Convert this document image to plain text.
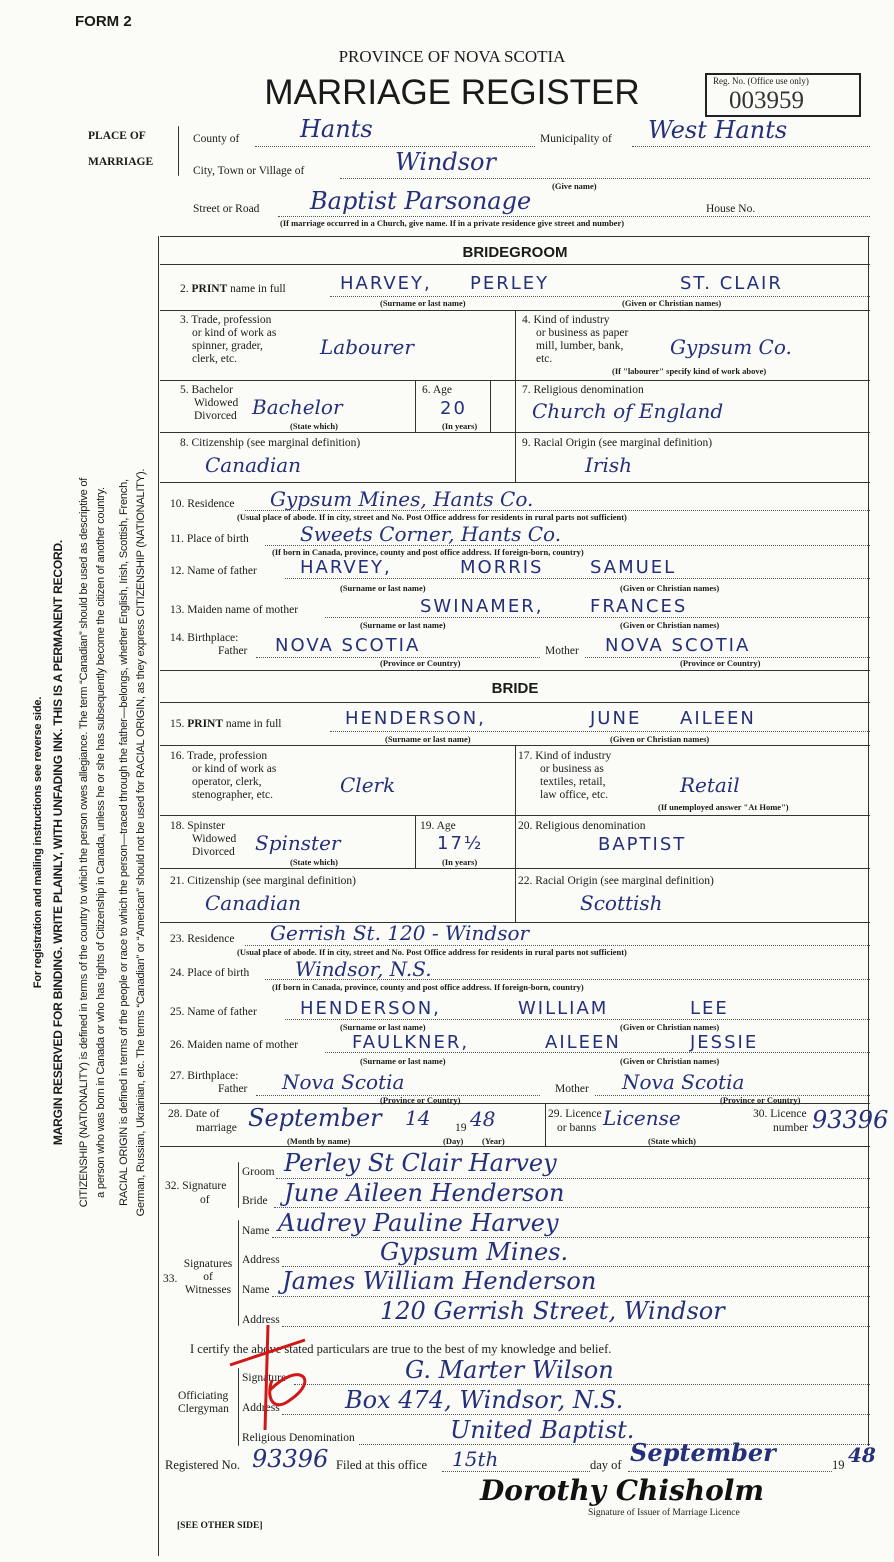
FORM 2
PROVINCE OF NOVA SCOTIA
MARRIAGE REGISTER	Reg. No. (Office use only)
003959
For registration and mailing instructions see reverse side. MARGIN RESERVED FOR BINDING. WRITE PLAINLY, WITH UNFADING INK. THIS IS A PERMANENT RECORD. CITIZENSHIP (NATIONALITY) is defined in terms of the country to which the person owes allegiance. The term “Canadian” should be used as descriptive of a person who was born in Canada or who has rights of Citizenship in Canada, unless he or she has subsequently become the citizen of another country. RACIAL ORIGIN is defined in terms of the people or race to which the person—traced through the father—belongs, whether English, Irish, Scottish, French, German, Russian, Ukrainian, etc. The terms “Canadian” or “American” should not be used for RACIAL ORIGIN, as they express CITIZENSHIP (NATIONALITY).
PLACE OF
MARRIAGE
County of	Hants	Municipality of West Hants
City, Town or Village of	Windsor
(Give name)
Street or Road Baptist Parsonage	House No.
(If marriage occurred in a Church, give name. If in a private residence give street and number)
BRIDEGROOM
2. PRINT name in full	HARVEY, PERLEY	ST. CLAIR
(Surname or last name)	(Given or Christian names)
3. Trade, profession
or kind of work as
spinner, grader,
clerk, etc.	Labourer
4. Kind of industry
or business as paper
mill, lumber, bank,
etc.	Gypsum Co.
(If "labourer" specify kind of work above)
5. Bachelor
Widowed
Divorced Bachelor
(State which)
6. Age
20
(In years)
7. Religious denomination
Church of England
8. Citizenship (see marginal definition)
Canadian
9. Racial Origin (see marginal definition)
Irish
10. Residence Gypsum Mines, Hants Co.
(Usual place of abode. If in city, street and No. Post Office address for residents in rural parts not sufficient)
11. Place of birth	Sweets Corner, Hants Co.
(If born in Canada, province, county and post office address. If foreign-born, country)
12. Name of father HARVEY,	MORRIS	SAMUEL
(Surname or last name)	(Given or Christian names)
13. Maiden name of mother	SWINAMER,	FRANCES
(Surname or last name)	(Given or Christian names)
14. Birthplace:
Father NOVA SCOTIA	Mother NOVA SCOTIA
(Province or Country)	(Province or Country)
BRIDE
15. PRINT name in full	HENDERSON,	JUNE AILEEN
(Surname or last name)	(Given or Christian names)
16. Trade, profession
or kind of work as
operator, clerk,
stenographer, etc.	Clerk
17. Kind of industry
or business as
textiles, retail,
law office, etc.	Retail
(If unemployed answer "At Home")
18. Spinster
Widowed
Divorced Spinster
(State which)
19. Age
17½
(In years)
20. Religious denomination
BAPTIST
21. Citizenship (see marginal definition)
Canadian
22. Racial Origin (see marginal definition)
Scottish
23. Residence Gerrish St. 120 - Windsor
(Usual place of abode. If in city, street and No. Post Office address for residents in rural parts not sufficient)
24. Place of birth Windsor, N.S.
(If born in Canada, province, county and post office address. If foreign-born, country)
25. Name of father HENDERSON,	WILLIAM	LEE
(Surname or last name)	(Given or Christian names)
26. Maiden name of mother	FAULKNER,	AILEEN	JESSIE
(Surname or last name)	(Given or Christian names)
27. Birthplace:
Father Nova Scotia	Mother Nova Scotia
(Province or Country)	(Province or Country)
28. Date of
marriage September 14 19 48
(Month by name)	(Day) (Year)
29. Licence
or banns License
(State which)
30. Licence
number 93396
32. Signature
of
Groom Perley St Clair Harvey
Bride June Aileen Henderson
33.
Signatures
of
Witnesses
Name Audrey Pauline Harvey
Address	Gypsum Mines.
Name James William Henderson
Address	120 Gerrish Street, Windsor
I certify the above stated particulars are true to the best of my knowledge and belief.
Officiating
Clergyman
Signature	G. Marter Wilson
Address	Box 474, Windsor, N.S.
Religious Denomination	United Baptist.
Registered No. 93396 Filed at this office 15th	day of September	19 48
Dorothy Chisholm
Signature of Issuer of Marriage Licence
[SEE OTHER SIDE]
